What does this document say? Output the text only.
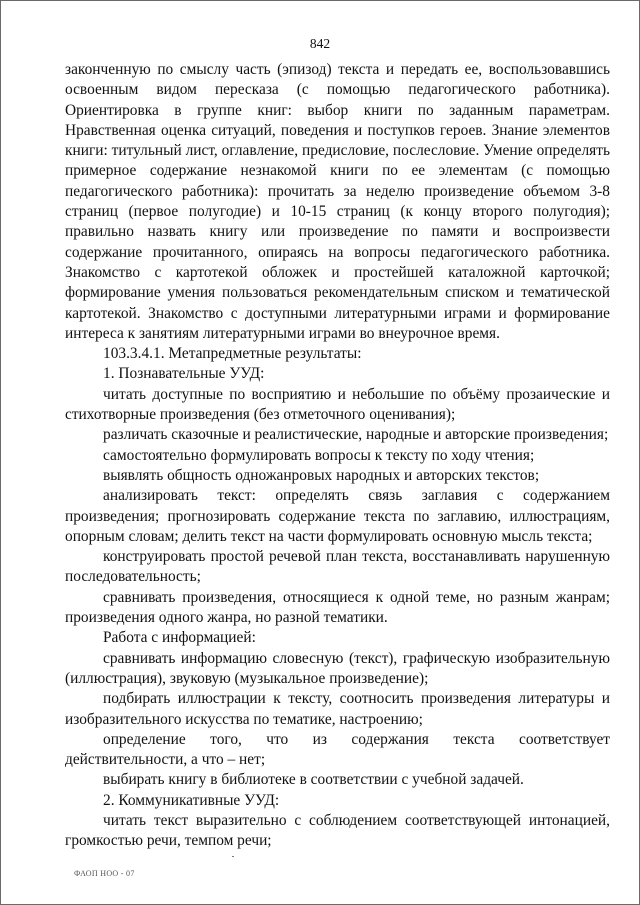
842

законченную по смыслу часть (эпизод) текста и передать ее, воспользовавшись освоенным видом пересказа (с помощью педагогического работника). Ориентировка в группе книг: выбор книги по заданным параметрам. Нравственная оценка ситуаций, поведения и поступков героев. Знание элементов книги: титульный лист, оглавление, предисловие, послесловие. Умение определять примерное содержание незнакомой книги по ее элементам (с помощью педагогического работника): прочитать за неделю произведение объемом 3-8 страниц (первое полугодие) и 10-15 страниц (к концу второго полугодия); правильно назвать книгу или произведение по памяти и воспроизвести содержание прочитанного, опираясь на вопросы педагогического работника. Знакомство с картотекой обложек и простейшей каталожной карточкой; формирование умения пользоваться рекомендательным списком и тематической картотекой. Знакомство с доступными литературными играми и формирование интереса к занятиям литературными играми во внеурочное время.

103.3.4.1. Метапредметные результаты:

1. Познавательные УУД:

читать доступные по восприятию и небольшие по объёму прозаические и стихотворные произведения (без отметочного оценивания);

различать сказочные и реалистические, народные и авторские произведения;

самостоятельно формулировать вопросы к тексту по ходу чтения;

выявлять общность одножанровых народных и авторских текстов;

анализировать текст: определять связь заглавия с содержанием произведения; прогнозировать содержание текста по заглавию, иллюстрациям, опорным словам; делить текст на части формулировать основную мысль текста;

конструировать простой речевой план текста, восстанавливать нарушенную последовательность;

сравнивать произведения, относящиеся к одной теме, но разным жанрам; произведения одного жанра, но разной тематики.

Работа с информацией:

сравнивать информацию словесную (текст), графическую изобразительную (иллюстрация), звуковую (музыкальное произведение);

подбирать иллюстрации к тексту, соотносить произведения литературы и изобразительного искусства по тематике, настроению;

определение того, что из содержания текста соответствует действительности, а что – нет;

выбирать книгу в библиотеке в соответствии с учебной задачей.

2. Коммуникативные УУД:

читать текст выразительно с соблюдением соответствующей интонацией, громкостью речи, темпом речи;

ФАОП НОО - 07
